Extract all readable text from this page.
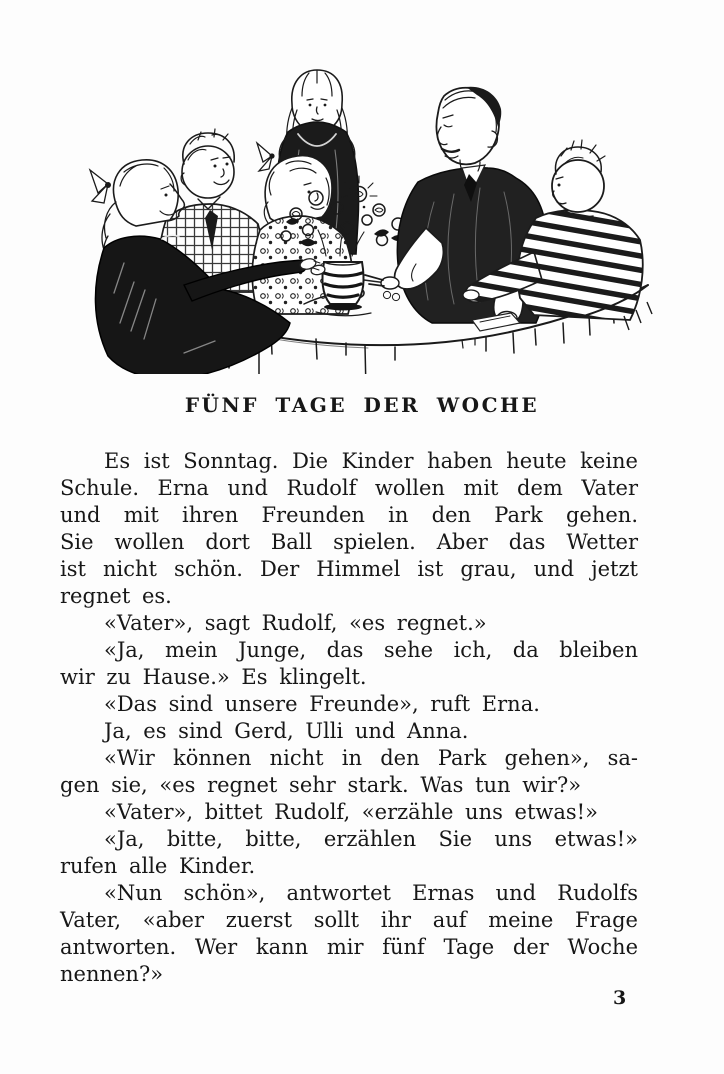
FÜNF TAGE DER WOCHE
Es ist Sonntag. Die Kinder haben heute keine
Schule. Erna und Rudolf wollen mit dem Vater
und mit ihren Freunden in den Park gehen.
Sie wollen dort Ball spielen. Aber das Wetter
ist nicht schön. Der Himmel ist grau, und jetzt
regnet es.
«Vater», sagt Rudolf, «es regnet.»
«Ja, mein Junge, das sehe ich, da bleiben
wir zu Hause.» Es klingelt.
«Das sind unsere Freunde», ruft Erna.
Ja, es sind Gerd, Ulli und Anna.
«Wir können nicht in den Park gehen», sa-
gen sie, «es regnet sehr stark. Was tun wir?»
«Vater», bittet Rudolf, «erzähle uns etwas!»
«Ja, bitte, bitte, erzählen Sie uns etwas!»
rufen alle Kinder.
«Nun schön», antwortet Ernas und Rudolfs
Vater, «aber zuerst sollt ihr auf meine Frage
antworten. Wer kann mir fünf Tage der Woche
nennen?»
3
